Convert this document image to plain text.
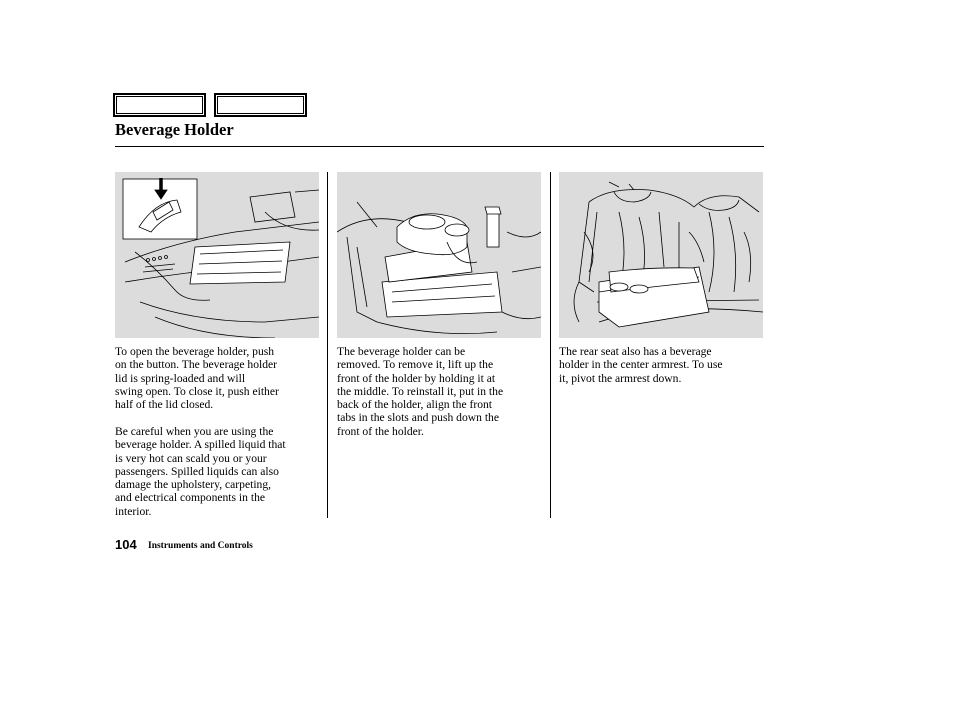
Beverage Holder

To open the beverage holder, push
on the button. The beverage holder
lid is spring-loaded and will
swing open. To close it, push either
half of the lid closed.

Be careful when you are using the
beverage holder. A spilled liquid that
is very hot can scald you or your
passengers. Spilled liquids can also
damage the upholstery, carpeting,
and electrical components in the
interior.

The beverage holder can be
removed. To remove it, lift up the
front of the holder by holding it at
the middle. To reinstall it, put in the
back of the holder, align the front
tabs in the slots and push down the
front of the holder.

The rear seat also has a beverage
holder in the center armrest. To use
it, pivot the armrest down.

104 Instruments and Controls
